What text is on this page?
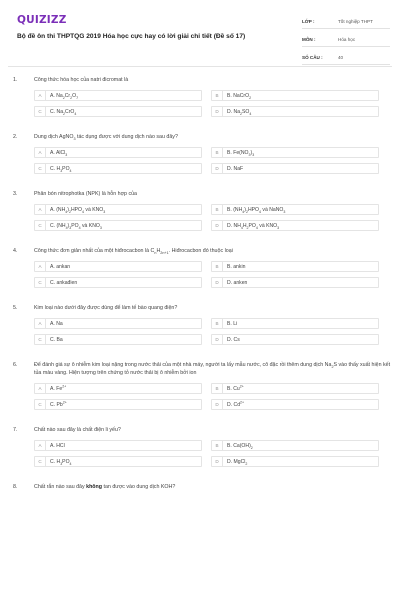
QUIZIZZ
Bộ đề ôn thi THPTQG 2019 Hóa học cực hay có lời giải chi tiết (Đề số 17)
LỚP :	Tốt nghiệp THPT
MÔN :	Hóa học
SỐ CÂU :	40
1.	Công thức hóa học của natri đicromat là
A	A. $Na_2Cr_2O_7$	B	B. NaCrO$_2$
C	C. $Na_2CrO_4$	D	D. $Na_2SO_4$
2.	Dung dịch AgNO$_3$ tác dụng được với dung dịch nào sau đây?
A	A. AlCl$_3$	B	B. $Fe(NO_3)_3$
C	C. $H_3PO_4$	D	D. NaF
3.	Phân bón nitrophotka (NPK) là hỗn hợp của
A	A. $(NH_4)_2HPO_4$ và $KNO_3$	B	B. $(NH_4)_2HPO_4$ và NaNO$_3$
C	C. $(NH_4)_3PO_4$ và $KNO_3$	D	D. $NH_4H_2PO_4$ và $KNO_3$
4.	Công thức đơn giản nhất của một hiđrocacbon là $C_nH_{2n+1}$. Hiđrocacbon đó thuộc loại
A	A. ankan	B	B. ankin
C	C. ankađien	D	D. anken
5.	Kim loại nào dưới đây được dùng để làm tế bào quang điện?
A	A. Na	B	B. Li
C	C. Ba	D	D. Cs
6.	Để đánh giá sự ô nhiễm kim loại nặng trong nước thải của một nhà máy, người ta lấy mẫu nước, cô đặc rồi thêm dung dịch $Na_2S$ vào thấy xuất hiện kết tủa màu vàng. Hiện tượng trên chứng tỏ nước thải bị ô nhiễm bởi ion
A	A. $Fe^{2+}$
B	B. $Cu^{2+}$
C	C. $Pb^{2+}$
D	D. $Cd^{2+}$
7.	Chất nào sau đây là chất điện li yếu?
A	A. HCl	B	B. $Ca(OH)_2$
C	C. $H_3PO_4$	D	D. MgCl$_2$
8.	Chất rắn nào sau đây không tan được vào dung dịch KOH?
